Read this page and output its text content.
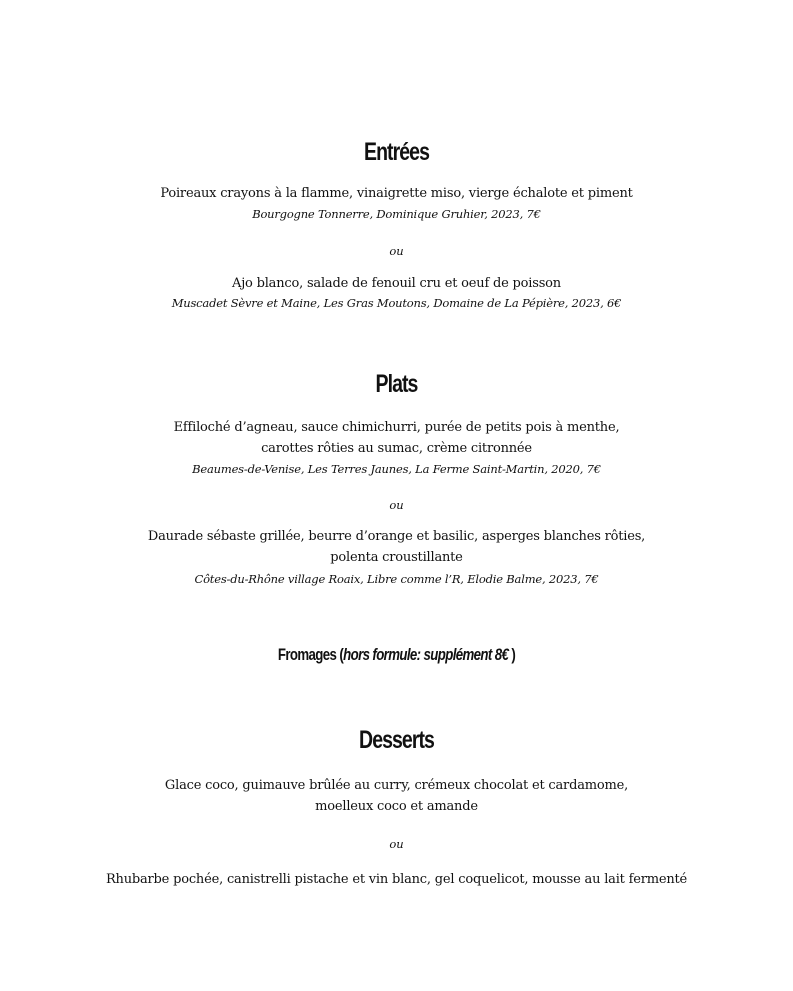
Entrées
Poireaux crayons à la flamme, vinaigrette miso, vierge échalote et piment
Bourgogne Tonnerre, Dominique Gruhier, 2023, 7€
ou
Ajo blanco, salade de fenouil cru et oeuf de poisson
Muscadet Sèvre et Maine, Les Gras Moutons, Domaine de La Pépière, 2023, 6€
Plats
Effiloché d’agneau, sauce chimichurri, purée de petits pois à menthe,
carottes rôties au sumac, crème citronnée
Beaumes-de-Venise, Les Terres Jaunes, La Ferme Saint-Martin, 2020, 7€
ou
Daurade sébaste grillée, beurre d’orange et basilic, asperges blanches rôties,
polenta croustillante
Côtes-du-Rhône village Roaix, Libre comme l’R, Elodie Balme, 2023, 7€
Fromages (hors formule: supplément 8€ )
Desserts
Glace coco, guimauve brûlée au curry, crémeux chocolat et cardamome,
moelleux coco et amande
ou
Rhubarbe pochée, canistrelli pistache et vin blanc, gel coquelicot, mousse au lait fermenté
